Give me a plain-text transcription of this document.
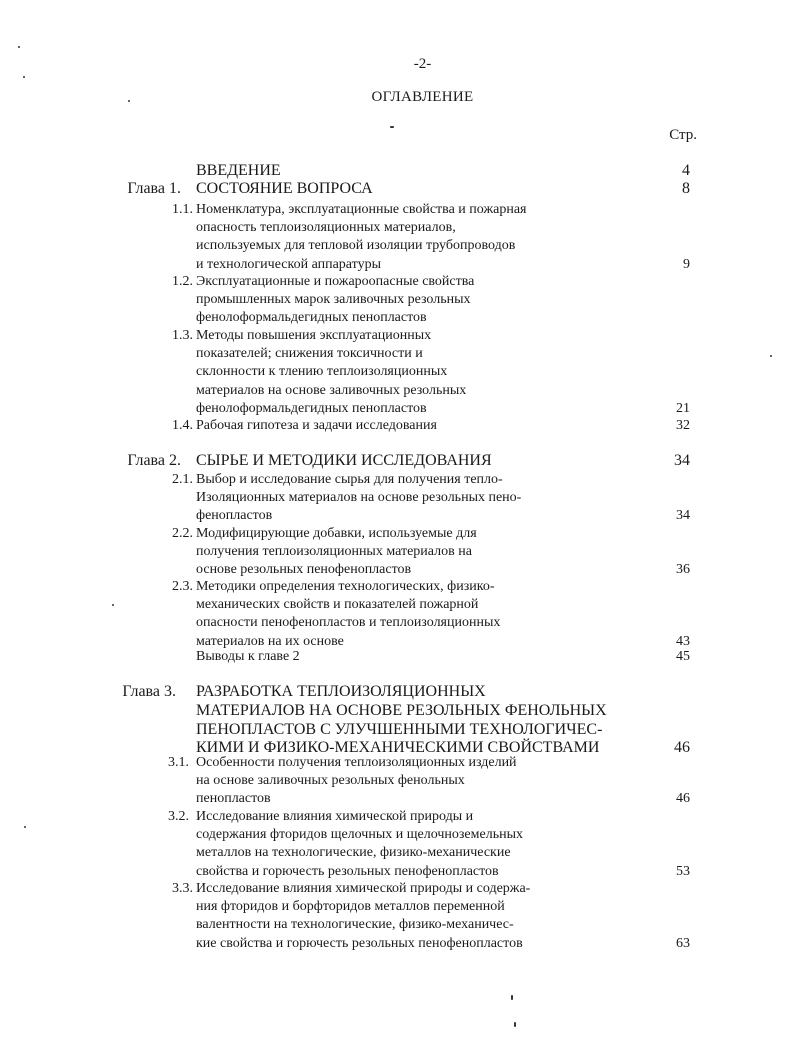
-2-
ОГЛАВЛЕНИЕ
Стр.
ВВЕДЕНИЕ	4
Глава 1. СОСТОЯНИЕ ВОПРОСА	8
1.1. Номенклатура, эксплуатационные свойства и пожарная
опасность теплоизоляционных материалов,
используемых для тепловой изоляции трубопроводов
и технологической аппаратуры	9
1.2. Эксплуатационные и пожароопасные свойства
промышленных марок заливочных резольных
фенолоформальдегидных пенопластов
1.3. Методы повышения эксплуатационных
показателей; снижения токсичности и
склонности к тлению теплоизоляционных
материалов на основе заливочных резольных
фенолоформальдегидных пенопластов	21
1.4. Рабочая гипотеза и задачи исследования	32
Глава 2. СЫРЬЕ И МЕТОДИКИ ИССЛЕДОВАНИЯ	34
2.1. Выбор и исследование сырья для получения тепло-
Изоляционных материалов на основе резольных пено-
фенопластов	34
2.2. Модифицирующие добавки, используемые для
получения теплоизоляционных материалов на
основе резольных пенофенопластов	36
2.3. Методики определения технологических, физико-
механических свойств и показателей пожарной
опасности пенофенопластов и теплоизоляционных
материалов на их основе	43
Выводы к главе 2	45
Глава 3. РАЗРАБОТКА ТЕПЛОИЗОЛЯЦИОННЫХ
МАТЕРИАЛОВ НА ОСНОВЕ РЕЗОЛЬНЫХ ФЕНОЛЬНЫХ
ПЕНОПЛАСТОВ С УЛУЧШЕННЫМИ ТЕХНОЛОГИЧЕС-
КИМИ И ФИЗИКО-МЕХАНИЧЕСКИМИ СВОЙСТВАМИ	46
3.1. Особенности получения теплоизоляционных изделий
на основе заливочных резольных фенольных
пенопластов	46
3.2. Исследование влияния химической природы и
содержания фторидов щелочных и щелочноземельных
металлов на технологические, физико-механические
свойства и горючесть резольных пенофенопластов	53
3.3. Исследование влияния химической природы и содержа-
ния фторидов и борфторидов металлов переменной
валентности на технологические, физико-механичес-
кие свойства и горючесть резольных пенофенопластов	63
